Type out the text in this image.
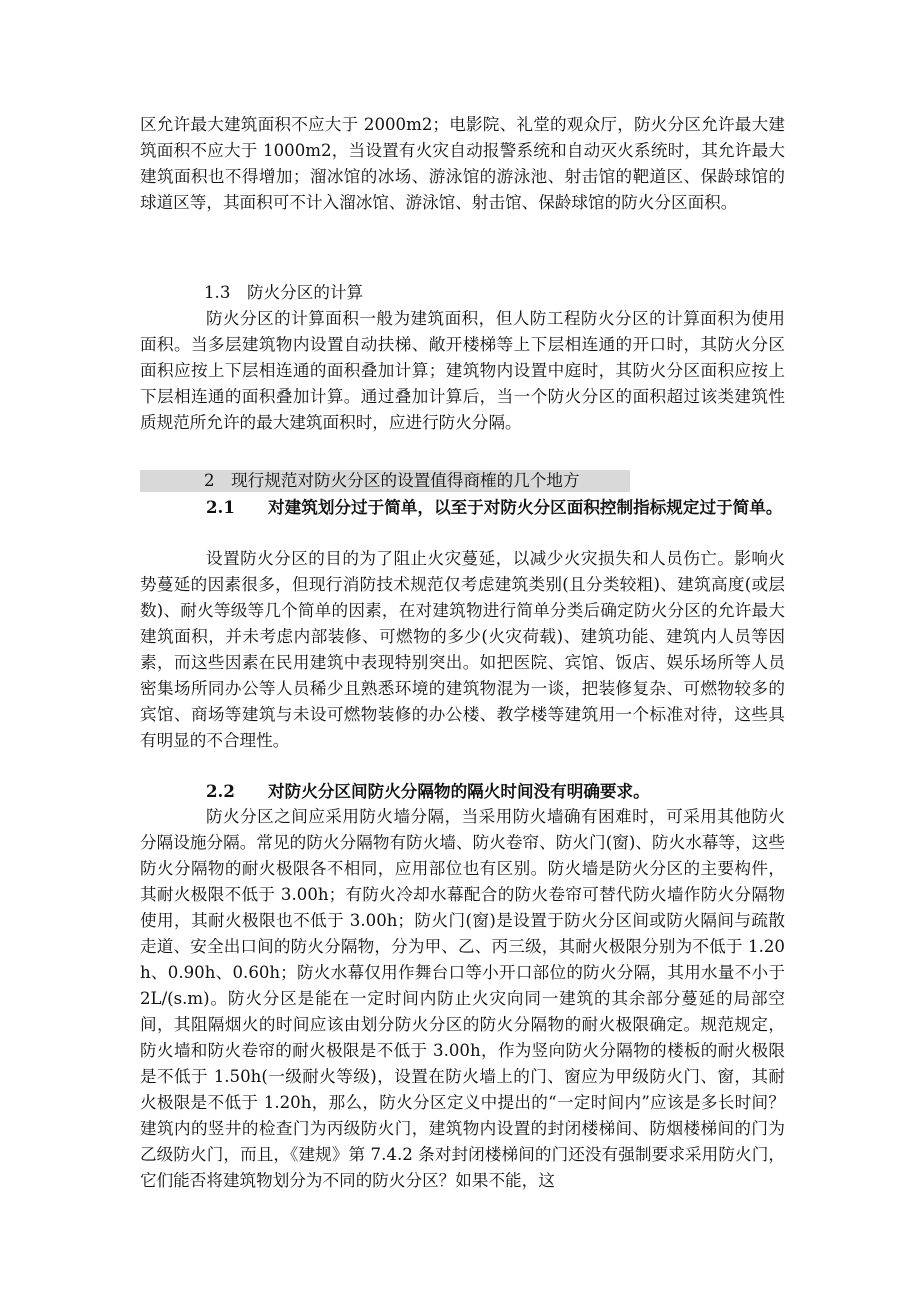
区允许最大建筑面积不应大于 2000m2；电影院、礼堂的观众厅，防火分区允许最大建筑面积不应大于 1000m2，当设置有火灾自动报警系统和自动灭火系统时，其允许最大建筑面积也不得增加；溜冰馆的冰场、游泳馆的游泳池、射击馆的靶道区、保龄球馆的球道区等，其面积可不计入溜冰馆、游泳馆、射击馆、保龄球馆的防火分区面积。

1.3　防火分区的计算

防火分区的计算面积一般为建筑面积，但人防工程防火分区的计算面积为使用面积。当多层建筑物内设置自动扶梯、敞开楼梯等上下层相连通的开口时，其防火分区面积应按上下层相连通的面积叠加计算；建筑物内设置中庭时，其防火分区面积应按上下层相连通的面积叠加计算。通过叠加计算后，当一个防火分区的面积超过该类建筑性质规范所允许的最大建筑面积时，应进行防火分隔。

2　现行规范对防火分区的设置值得商榷的几个地方

2.1　　对建筑划分过于简单，以至于对防火分区面积控制指标规定过于简单。

设置防火分区的目的为了阻止火灾蔓延，以减少火灾损失和人员伤亡。影响火势蔓延的因素很多，但现行消防技术规范仅考虑建筑类别(且分类较粗)、建筑高度(或层数)、耐火等级等几个简单的因素，在对建筑物进行简单分类后确定防火分区的允许最大建筑面积，并未考虑内部装修、可燃物的多少(火灾荷载)、建筑功能、建筑内人员等因素，而这些因素在民用建筑中表现特别突出。如把医院、宾馆、饭店、娱乐场所等人员密集场所同办公等人员稀少且熟悉环境的建筑物混为一谈，把装修复杂、可燃物较多的宾馆、商场等建筑与未设可燃物装修的办公楼、教学楼等建筑用一个标准对待，这些具有明显的不合理性。

2.2　　对防火分区间防火分隔物的隔火时间没有明确要求。

防火分区之间应采用防火墙分隔，当采用防火墙确有困难时，可采用其他防火分隔设施分隔。常见的防火分隔物有防火墙、防火卷帘、防火门(窗)、防火水幕等，这些防火分隔物的耐火极限各不相同，应用部位也有区别。防火墙是防火分区的主要构件，其耐火极限不低于 3.00h；有防火冷却水幕配合的防火卷帘可替代防火墙作防火分隔物使用，其耐火极限也不低于 3.00h；防火门(窗)是设置于防火分区间或防火隔间与疏散走道、安全出口间的防火分隔物，分为甲、乙、丙三级，其耐火极限分别为不低于 1.20h、0.90h、0.60h；防火水幕仅用作舞台口等小开口部位的防火分隔，其用水量不小于 2L/(s.m)。防火分区是能在一定时间内防止火灾向同一建筑的其余部分蔓延的局部空间，其阻隔烟火的时间应该由划分防火分区的防火分隔物的耐火极限确定。规范规定，防火墙和防火卷帘的耐火极限是不低于 3.00h，作为竖向防火分隔物的楼板的耐火极限是不低于 1.50h(一级耐火等级)，设置在防火墙上的门、窗应为甲级防火门、窗，其耐火极限是不低于 1.20h，那么，防火分区定义中提出的“一定时间内”应该是多长时间？建筑内的竖井的检查门为丙级防火门，建筑物内设置的封闭楼梯间、防烟楼梯间的门为乙级防火门，而且，《建规》第 7.4.2 条对封闭楼梯间的门还没有强制要求采用防火门，它们能否将建筑物划分为不同的防火分区？如果不能，这
